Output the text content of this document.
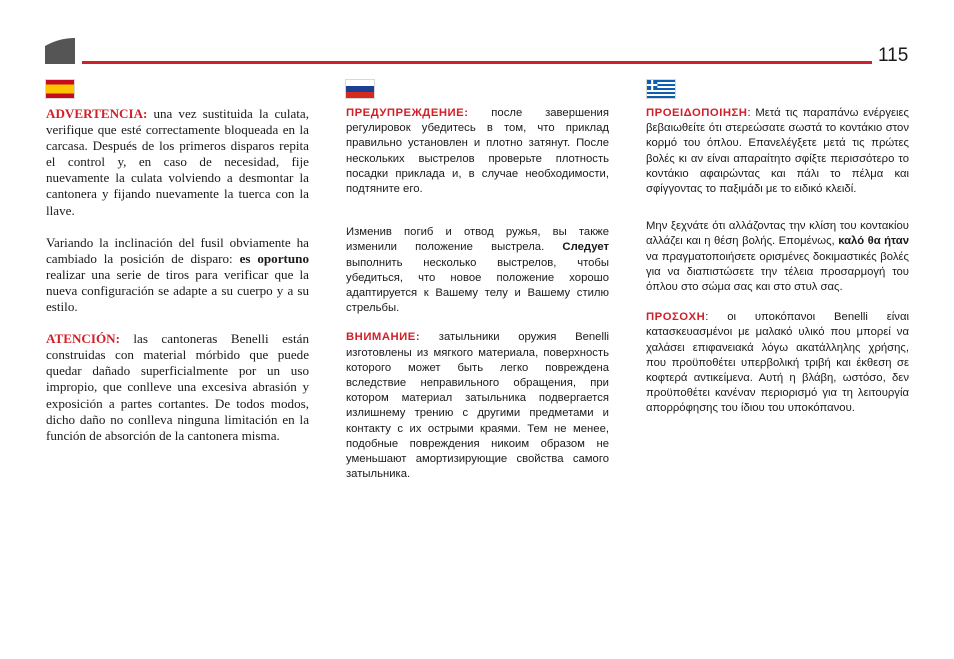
115

ADVERTENCIA: una vez sustituida la culata, verifique que esté correctamente bloqueada en la carcasa. Después de los primeros disparos repita el control y, en caso de necesidad, fije nuevamente la culata volviendo a desmontar la cantonera y fijando nuevamente la tuerca con la llave.

Variando la inclinación del fusil obviamente ha cambiado la posición de disparo: es oportuno realizar una serie de tiros para verificar que la nueva configuración se adapte a su cuerpo y a su estilo.

ATENCIÓN: las cantoneras Benelli están construidas con material mórbido que puede quedar dañado superficialmente por un uso impropio, que conlleve una excesiva abrasión y exposición a partes cortantes. De todos modos, dicho daño no conlleva ninguna limitación en la función de absorción de la cantonera misma.

ПРЕДУПРЕЖДЕНИЕ: после завершения регулировок убедитесь в том, что приклад правильно установлен и плотно затянут. После нескольких выстрелов проверьте плотность посадки приклада и, в случае необходимости, подтяните его.

Изменив погиб и отвод ружья, вы также изменили положение выстрела. Следует выполнить несколько выстрелов, чтобы убедиться, что новое положение хорошо адаптируется к Вашему телу и Вашему стилю стрельбы.

ВНИМАНИЕ: затыльники оружия Benelli изготовлены из мягкого материала, поверхность которого может быть легко повреждена вследствие неправильного обращения, при котором материал затыльника подвергается излишнему трению с другими предметами и контакту с их острыми краями. Тем не менее, подобные повреждения никоим образом не уменьшают амортизирующие свойства самого затыльника.

ΠΡΟΕΙΔΟΠΟΙΗΣΗ: Μετά τις παραπάνω ενέργειες βεβαιωθείτε ότι στερεώσατε σωστά το κοντάκιο στον κορμό του όπλου. Επανελέγξετε μετά τις πρώτες βολές κι αν είναι απαραίτητο σφίξτε περισσότερο το κοντάκιο αφαιρώντας και πάλι το πέλμα και σφίγγοντας το παξιμάδι με το ειδικό κλειδί.

Μην ξεχνάτε ότι αλλάζοντας την κλίση του κοντακίου αλλάζει και η θέση βολής. Επομένως, καλό θα ήταν να πραγματοποιήσετε ορισμένες δοκιμαστικές βολές για να διαπιστώσετε την τέλεια προσαρμογή του όπλου στο σώμα σας και στο στυλ σας.

ΠΡΟΣΟΧΗ: οι υποκόπανοι Benelli είναι κατασκευασμένοι με μαλακό υλικό που μπορεί να χαλάσει επιφανειακά λόγω ακατάλληλης χρήσης, που προϋποθέτει υπερβολική τριβή και έκθεση σε κοφτερά αντικείμενα. Αυτή η βλάβη, ωστόσο, δεν προϋποθέτει κανέναν περιορισμό για τη λειτουργία απορρόφησης του ίδιου του υποκόπανου.
